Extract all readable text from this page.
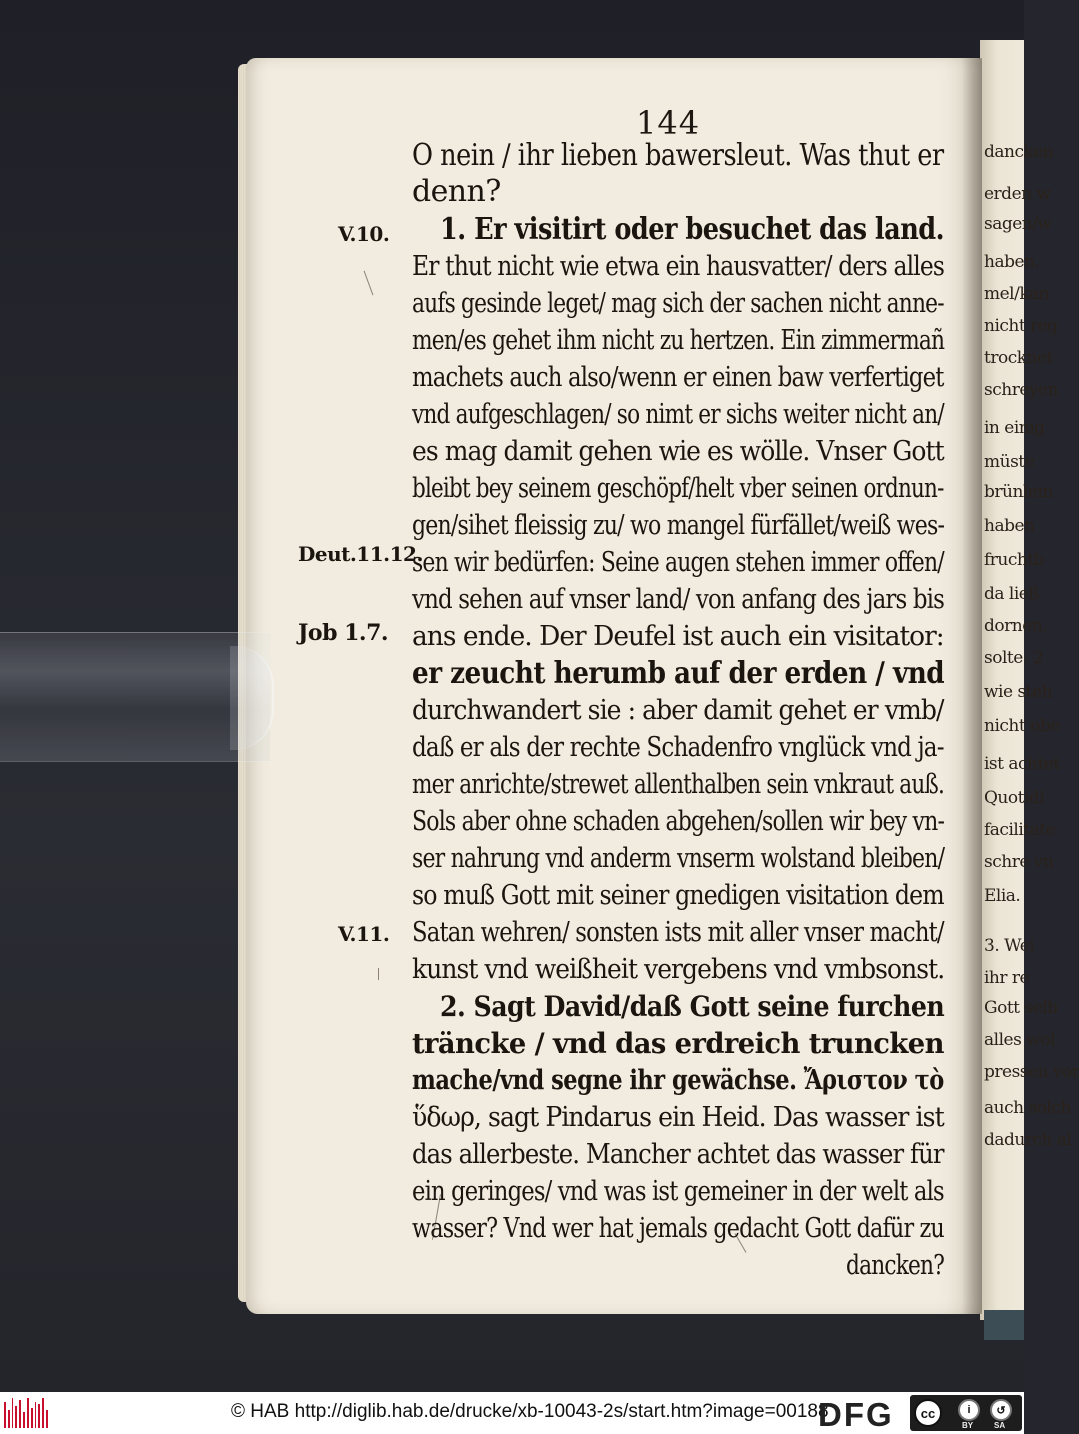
144
V.10.
Deut.11.12.
Job 1.7.
V.11.
O nein / ihr lieben bawersleut. Was thut er
denn?
1. Er visitirt oder besuchet das land.
Er thut nicht wie etwa ein hausvatter/ ders alles
aufs gesinde leget/ mag sich der sachen nicht anne-
men/es gehet ihm nicht zu hertzen. Ein zimmermañ
machets auch also/wenn er einen baw verfertiget
vnd aufgeschlagen/ so nimt er sichs weiter nicht an/
es mag damit gehen wie es wölle. Vnser Gott
bleibt bey seinem geschöpf/helt vber seinen ordnun-
gen/sihet fleissig zu/ wo mangel fürfället/weiß wes-
sen wir bedürfen: Seine augen stehen immer offen/
vnd sehen auf vnser land/ von anfang des jars bis
ans ende. Der Deufel ist auch ein visitator:
er zeucht herumb auf der erden / vnd
durchwandert sie : aber damit gehet er vmb/
daß er als der rechte Schadenfro vnglück vnd ja-
mer anrichte/strewet allenthalben sein vnkraut auß.
Sols aber ohne schaden abgehen/sollen wir bey vn-
ser nahrung vnd anderm vnserm wolstand bleiben/
so muß Gott mit seiner gnedigen visitation dem
Satan wehren/ sonsten ists mit aller vnser macht/
kunst vnd weißheit vergebens vnd vmbsonst.
2. Sagt David/daß Gott seine furchen
träncke / vnd das erdreich truncken
mache/vnd segne ihr gewächse. Ἄριστον τὸ
ὕδωρ, sagt Pindarus ein Heid. Das wasser ist
das allerbeste. Mancher achtet das wasser für
ein geringes/ vnd was ist gemeiner in der welt als
wasser? Vnd wer hat jemals gedacht Gott dafür zu
dancken?
dancken
erden w
sagen/w
haben.
mel/kan
nicht reg
trocknet
schreyen
in einig
müste
brünlein
haben
fruchtb
da ließ
dornen.
solte: 2
wie steh
nicht obe
ist achtet
Quotidi
facilitate
schre vn
Elia.
3. Wei
ihr re
Gott selb
alles wol
pressen vor
auch solch
dadurch al
© HAB http://diglib.hab.de/drucke/xb-10043-2s/start.htm?image=00188
DFG	cc	i	↺
BY	SA
